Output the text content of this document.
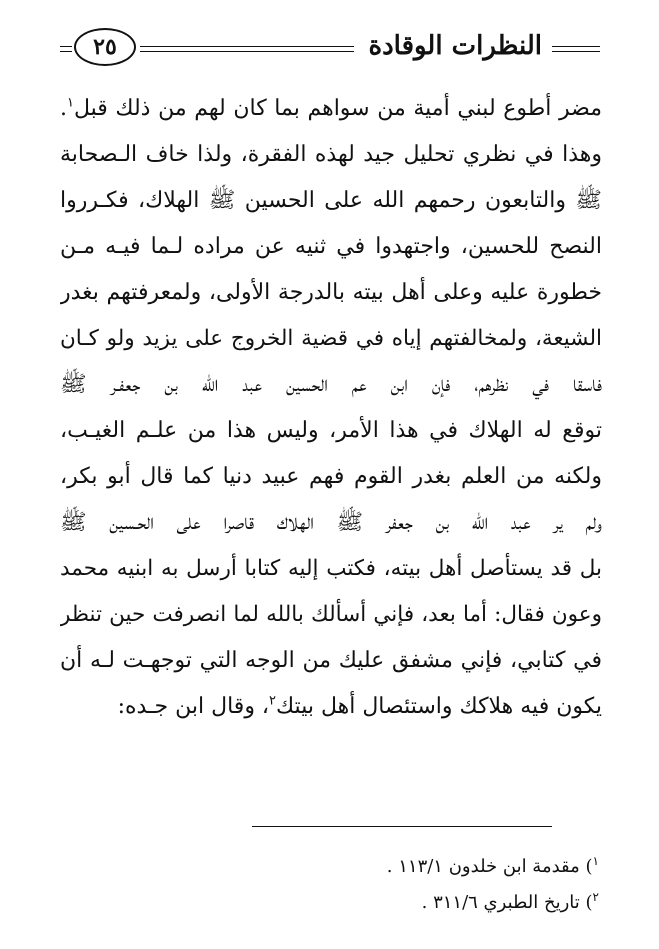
النظرات الوقادة
٢٥
مضر أطوع لبني أمية من سواهم بما كان لهم من ذلك قبل$^١$.
وهذا في نظري تحليل جيد لهذه الفقرة، ولذا خاف الـصحابة
ﷺ والتابعون رحمهم الله على الحسين ﷺ الهلاك، فكـرروا
النصح للحسين، واجتهدوا في ثنيه عن مراده لـما فيـه مـن
خطورة عليه وعلى أهل بيته بالدرجة الأولى، ولمعرفتهم بغدر
الشيعة، ولمخالفتهم إياه في قضية الخروج على يزيد ولو كـان
فاسقا في نظرهم، فإن ابن عم الحسين عبد الله بن جعفـر ﷺ
توقع له الهلاك في هذا الأمر، وليس هذا من علـم الغيـب،
ولكنه من العلم بغدر القوم فهم عبيد دنيا كما قال أبو بكر،
ولم ير عبد الله بن جعفر ﷺ الهلاك قاصرا على الحـسين ﷺ
بل قد يستأصل أهل بيته، فكتب إليه كتابا أرسل به ابنيه محمد
وعون فقال: أما بعد، فإني أسألك بالله لما انصرفت حين تنظر
في كتابي، فإني مشفق عليك من الوجه التي توجهـت لـه أن
يكون فيه هلاكك واستئصال أهل بيتك$^٢$، وقال ابن جـده:
$^١$) مقدمة ابن خلدون ١١٣/١ .
$^٢$) تاريخ الطبري ٣١١/٦ .
